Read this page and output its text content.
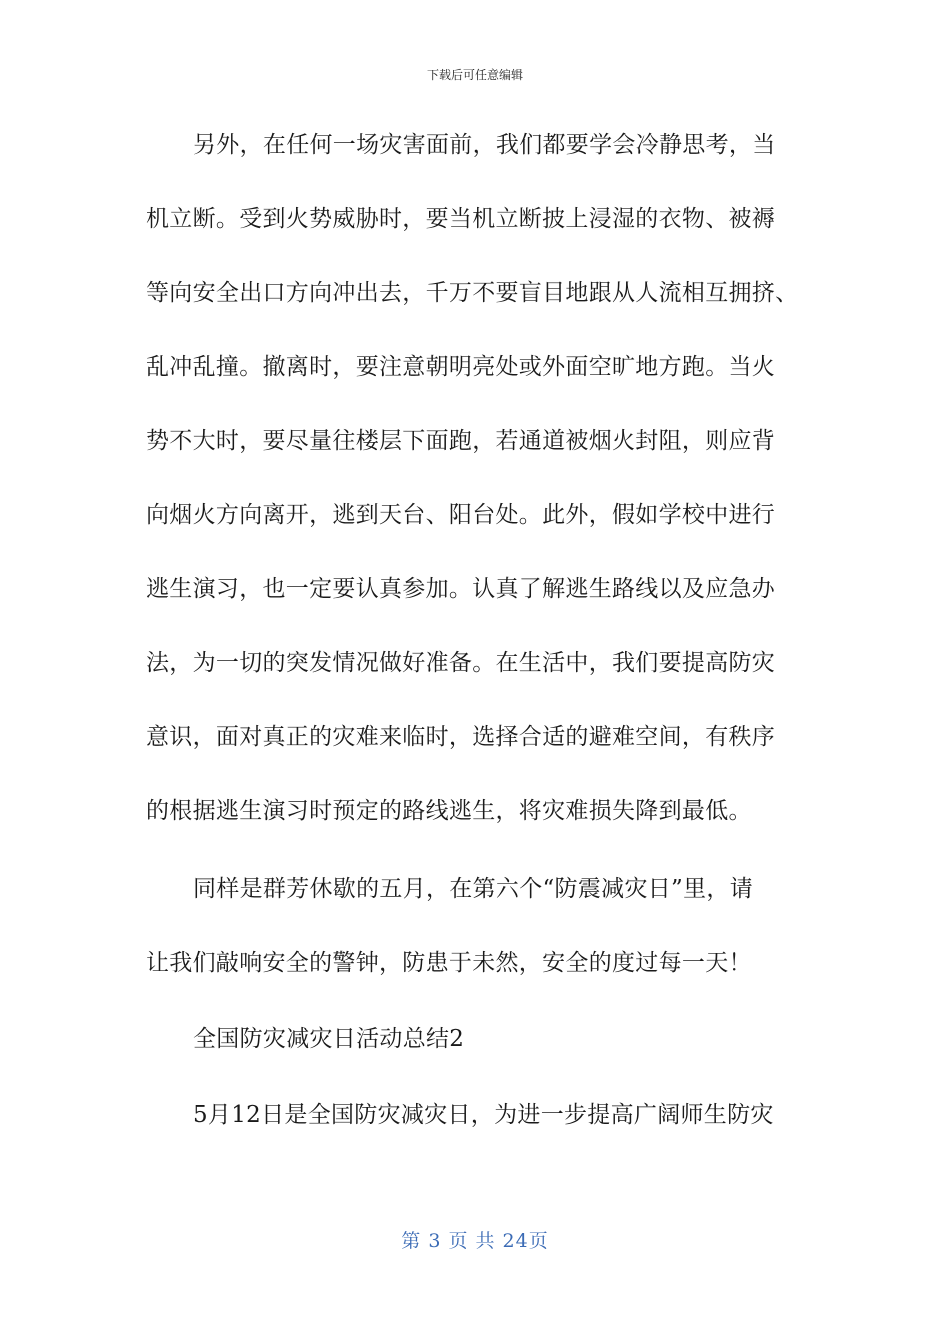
下载后可任意编辑
另外，在任何一场灾害面前，我们都要学会冷静思考，当
机立断。受到火势威胁时，要当机立断披上浸湿的衣物、被褥
等向安全出口方向冲出去，千万不要盲目地跟从人流相互拥挤、
乱冲乱撞。撤离时，要注意朝明亮处或外面空旷地方跑。当火
势不大时，要尽量往楼层下面跑，若通道被烟火封阻，则应背
向烟火方向离开，逃到天台、阳台处。此外，假如学校中进行
逃生演习，也一定要认真参加。认真了解逃生路线以及应急办
法，为一切的突发情况做好准备。在生活中，我们要提高防灾
意识，面对真正的灾难来临时，选择合适的避难空间，有秩序
的根据逃生演习时预定的路线逃生，将灾难损失降到最低。
同样是群芳休歇的五月，在第六个“防震减灾日”里，请
让我们敲响安全的警钟，防患于未然，安全的度过每一天！
全国防灾减灾日活动总结2
5月12日是全国防灾减灾日，为进一步提高广阔师生防灾
第 3 页 共 24页
